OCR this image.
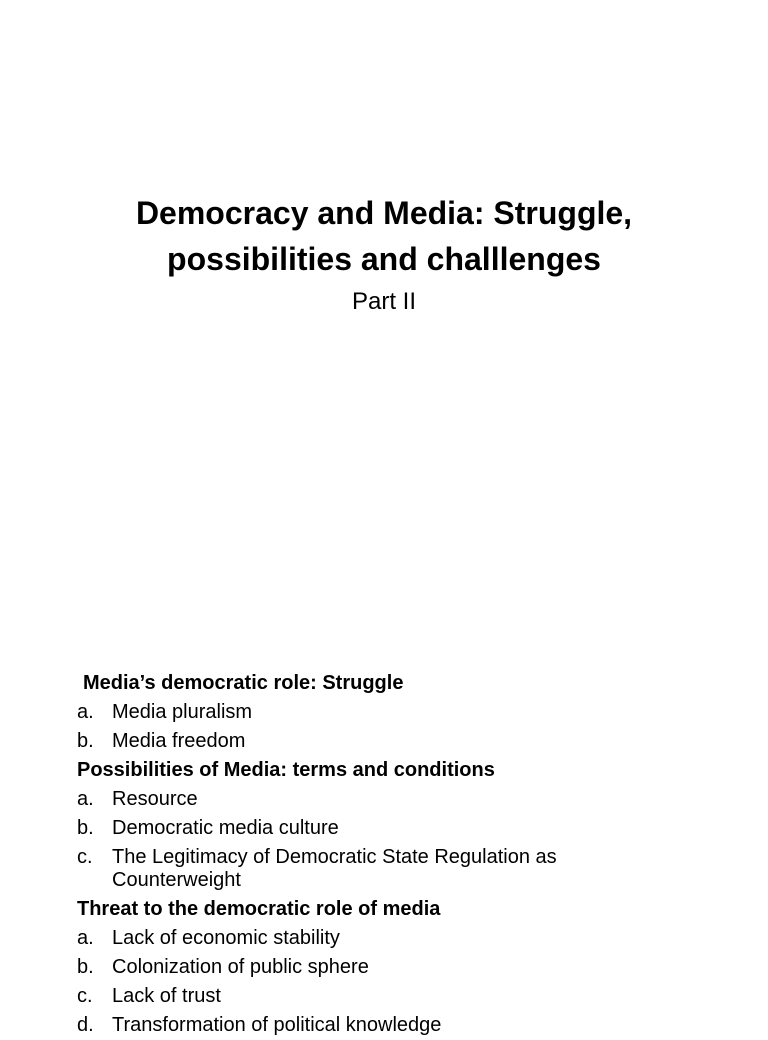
Democracy and Media: Struggle,
possibilities and challlenges
Part II
Media’s democratic role: Struggle
a. Media pluralism
b. Media freedom
Possibilities of Media: terms and conditions
a. Resource
b. Democratic media culture
c. The Legitimacy of Democratic State Regulation as Counterweight
Threat to the democratic role of media
a. Lack of economic stability
b. Colonization of public sphere
c. Lack of trust
d. Transformation of political knowledge
